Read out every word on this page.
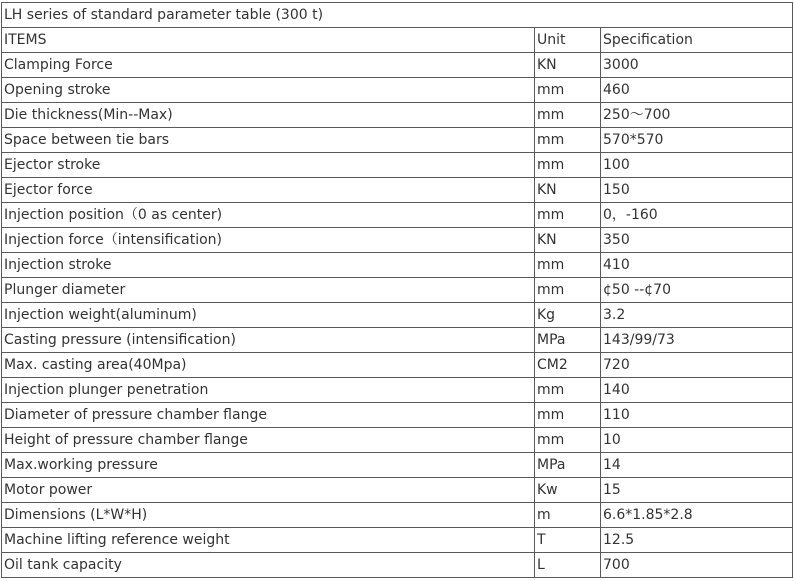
LH series of standard parameter table (300 t)		
ITEMS	Unit	Specification
Clamping Force	KN	3000
Opening stroke	mm	460
Die thickness(Min--Max)	mm	250～700
Space between tie bars	mm	570*570
Ejector stroke	mm	100
Ejector force	KN	150
Injection position（0 as center)	mm	0，-160
Injection force（intensification)	KN	350
Injection stroke	mm	410
Plunger diameter	mm	¢50 --¢70
Injection weight(aluminum)	Kg	3.2
Casting pressure (intensification)	MPa	143/99/73
Max. casting area(40Mpa)	CM2	720
Injection plunger penetration	mm	140
Diameter of pressure chamber flange	mm	110
Height of pressure chamber flange	mm	10
Max.working pressure	MPa	14
Motor power	Kw	15
Dimensions (L*W*H)	m	6.6*1.85*2.8
Machine lifting reference weight	T	12.5
Oil tank capacity	L	700
